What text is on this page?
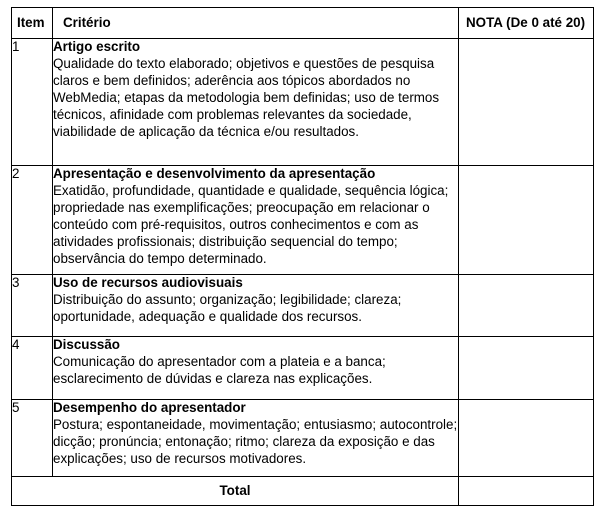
Item	Critério	NOTA (De 0 até 20)
1	Artigo escrito
Qualidade do texto elaborado; objetivos e questões de pesquisa claros e bem definidos; aderência aos tópicos abordados no WebMedia; etapas da metodologia bem definidas; uso de termos técnicos, afinidade com problemas relevantes da sociedade, viabilidade de aplicação da técnica e/ou resultados.	

2	Apresentação e desenvolvimento da apresentação
Exatidão, profundidade, quantidade e qualidade, sequência lógica; propriedade nas exemplificações; preocupação em relacionar o conteúdo com pré-requisitos, outros conhecimentos e com as atividades profissionais; distribuição sequencial do tempo; observância do tempo determinado.	

3	Uso de recursos audiovisuais
Distribuição do assunto; organização; legibilidade; clareza; oportunidade, adequação e qualidade dos recursos.	

4	Discussão
Comunicação do apresentador com a plateia e a banca; esclarecimento de dúvidas e clareza nas explicações.	

5	Desempenho do apresentador
Postura; espontaneidade, movimentação; entusiasmo; autocontrole; dicção; pronúncia; entonação; ritmo; clareza da exposição e das explicações; uso de recursos motivadores.	

Total		
